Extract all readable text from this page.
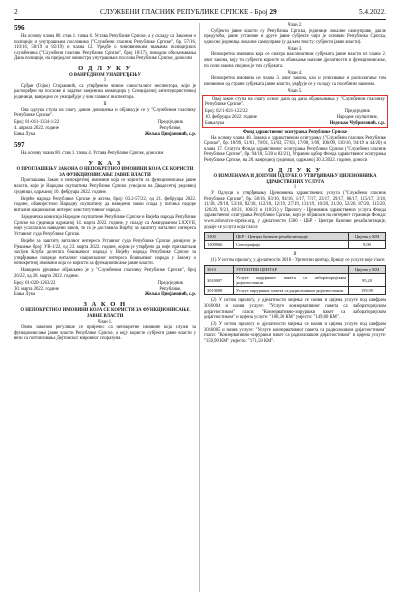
2	СЛУЖБЕНИ ГЛАСНИК РЕПУБЛИКЕ СРПСКЕ - Број 29	5.4.2022.
596

На основу члана 80. став 1. тачка 6. Устава Републике Српске, а у складу са Законом о полицији и унутрашњим пословима ("Службени гласник Републике Српске", бр. 57/16, 110/16, 58/19 и 82/19) и чланa 12. Уредбе о чиновничким звањима полицијских службеника ("Службени гласник Републике Српске", број 18/17), поводом обиљежавања Дана полиције, на приједлог министра унутрашњих послова Републике Српске, доносим

О Д Л У К У
О ВАНРЕДНОМ УНАПРЕЂЕЊУ
I

Срђан (Гојко) Стојаковић, са утврђеним чином самосталног инспектора, који је распоређен на пословe и задатке замјеника командира у Специјалној антитерористичкој јединици, ванредно се унапређује у чин главног инспектора.

II

Ова одлука ступа на снагу даном доношења и објављује се у "Службеном гласнику Републике Српске".

Број: 01-011-1334-1/22
4. априла 2022. године
Бања Лука
Предсједник
Републике,
Жељка Цвијановић, с.р.
597

На основу члана 80. став 1. тачка 4. Устава Републике Српске, доносим

У К А З
О ПРОГЛАШЕЊУ ЗАКОНА О НЕПОКРЕТНОЈ ИМОВИНИ КОЈА СЕ КОРИСТИ ЗА ФУНКЦИОНИСАЊЕ ЈАВНЕ ВЛАСТИ

Проглашава Закон о непокретној имовини која се користи за функционисање јавне власти, који је Народна скупштина Републике Српске усвојила на Двадесетој редовној сједници, одржаној 10. фебруара 2022. године.

Вијеће народа Републике Српске је актом, број: 03.2-57/22, од 21. фебруара 2022. године, обавијестило Народну скупштину да наведени закон спада у питања подоре витални национални интерес конститутивног народа.

Заједничка комисија Народне скупштине Републике Српске и Вијећа народа Републике Српске на сједници одржаној 14. марта 2022. године, у складу са Амандманом LXXVII, није усагласила наведени закон, те га је доставила Вијећу за заштиту виталног интереса Уставног суда Републике Српске.

Вијеће за заштиту виталног интереса Уставног суда Републике Српске донијело је Рјешење број: УВ-1/22, од 23. марта 2022. године, којим је утврђено да није прихватљив захтјев Клуба делегата бошњачког народа у Вијећу народа Републике Српске за утврђивање повреде виталног националног интереса бошњачког народа у Закону о непокретној имовини која се користи за функционисање јавне власти.

Наведено рјешење објављено је у "Службеном гласнику Републике Српске", број 26/22, од 28. марта 2022. године.

Број: 01-020-1263/22
30. марта 2022. године
Бања Лука
Предсједник
Републике,
Жељка Цвијановић, с.р.
З А К О Н
О НЕПОКРЕТНОЈ ИМОВИНИ КОЈА СЕ КОРИСТИ ЗА ФУНКЦИОНИСАЊЕ ЈАВНЕ ВЛАСТИ
Члан 1.

Овим законом регулише се пријенос са непокретне имовине која служи за функционисање јавне власти Републике Српске, а коју користе субјекти јавне власти у вези са потписивања Дејтонског мировног споразума.

Члан 2.

Субјекти јавне власти су Република Српска, јединице локалне самоуправе, дакле предузећа, јавне установе и друге јавне субјекте чији је оснивач Република Српска, односно јединица локалне самоуправе (у даљем тексту: субјекти јавне власти).

Члан 3.

Непокретна имовина која се сматра власништвом субјеката јавне власти из члана 2. овог закона, коју ти субјекти користе за обављање њихове дјелатности и функционисање, по сили закона својина је тих субјеката.

Члан 4.

Непокретна имовина из члана 3. овог закона, као и уписивање и располагање том имовином од стране субјеката јавне власти, уврђује се у складу са посебним законом.

Члан 5.

Овај закон ступа на снагу осмог дана од дана објављивања у "Службеном гласнику Републике Српске".

Број: 02/1-021-122/22
10. фебруара 2022. године
Бањалука
Предсједник
Народне скупштине,
Недељко Чубриловић, с.р.
Фонд здравственог осигурања Републике Српске

На основу члана 48. Закона о здравственом осигурању ("Службени гласник Републике Српске", бр. 18/99, 51/01, 70/01, 51/03, 57/03, 17/08, 1/09, 106/09, 110/16, 94/19 и 44/20) и члана 17. Статута Фонда здравственог осигурања Републике Српске ("Службени гласник Републике Српске", бр. 94/18, 5/20 и 82/21), Управни одбор Фонда здравственог осигурања Републике Српске, на 28. ванредној сједници, одржаној 30.3.2022. године, доноси

О Д Л У К У
О ИЗМЈЕНАМА И ДОПУНИ ОДЛУКЕ О УТВРЂИВАЊУ ЦИЈЕНОВНИКА ЗДРАВСТВЕНИХ УСЛУГА
I

У Одлуци о утврђивању Цјеновника здравствених услуга ("Службени гласник Републике Српске", бр. 58/16, 83/16, 94/16, 1/17, 7/17, 23/17, 29/17, 86/17, 115/17, 3/18, 11/18, 29/18, 53/18, 82/18, 112/18, 12/19, 27/19, 111/19, 10/20, 21/20, 52/20, 87/20, 115/20, 126/20, 9/21, 40/21, 106/21 и 118/21) у Прилогу - Цјеновник здравствених услуга Фонда здравственог осигурања Републике Српске, који је објављен на интернет страници Фонда: www.zdravstvo-srpske.org, у дјелатности 1500 - ЦБР - Центри базичне рехабилитације, додаје се услуга која гласи:

1500	ЦБР - Центри базичне рехабилитације	Цијена у КМ
1500066	Сонографија	9,00
II

(1) У истом прилогу, у дјелатности 3010 - Ургентни центар, бришу се услуге које гласе:

3010	УРГЕНТНИ ЦЕНТАР	Цијена у КМ
3010007	Услуге хируршког пакета са лабораторијским дијагностиком	95,20
3010008	Услуге хируршког пакета са радиолошком дијагностиком	159,90

(2) У истом прилогу, у дјелатности мијења се назив и цијена услуге под шифром 3010004 и назив услуге: "Услуге конзервативног пакета са лабораторијском дијагностиком" гласи: "Конзервативно-хируршки пакет са лабораторијском дијагностиком" и цијена услуге: "108,30 КМ" умјесто: "149,00 КМ".

(3) У истом прилогу и дјелатности мијења се назив и цијена услуге под шифром 3010005 и назив услуге: "Услуге конзервативног пакета са радиолошком дијагностиком" гласи: "Конзервативно-хируршки пакет са радиолошком дијагностиком" и цијена услуге: "159,90 КМ" умјесто: "171,50 КМ".
